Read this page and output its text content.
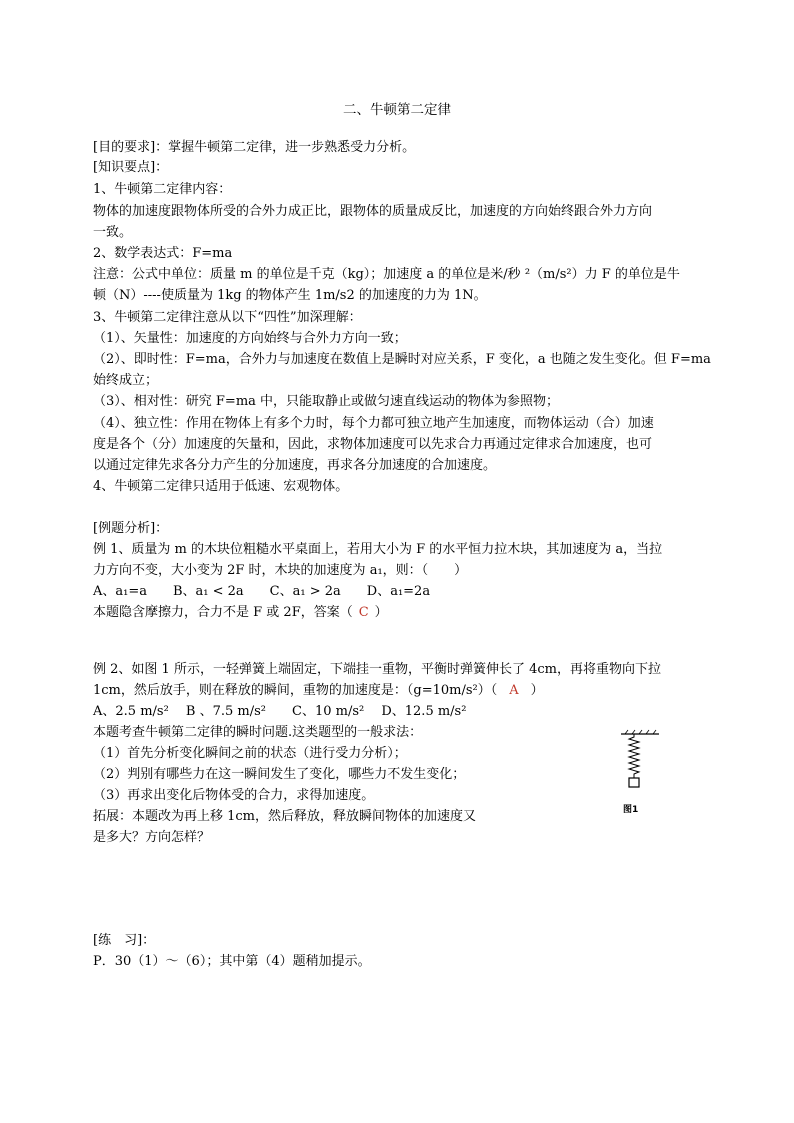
二、牛顿第二定律
[目的要求]：掌握牛顿第二定律，进一步熟悉受力分析。
[知识要点]：
1、牛顿第二定律内容：
物体的加速度跟物体所受的合外力成正比，跟物体的质量成反比，加速度的方向始终跟合外力方向
一致。
2、数学表达式：F=ma
注意：公式中单位：质量 m 的单位是千克（kg）；加速度 a 的单位是米/秒 ²（m/s²）力 F 的单位是牛
顿（N）----使质量为 1kg 的物体产生 1m/s2 的加速度的力为 1N。
3、牛顿第二定律注意从以下“四性”加深理解：
（1）、矢量性：加速度的方向始终与合外力方向一致；
（2）、即时性：F=ma，合外力与加速度在数值上是瞬时对应关系，F 变化，a 也随之发生变化。但 F=ma
始终成立；
（3）、相对性：研究 F=ma 中，只能取静止或做匀速直线运动的物体为参照物；
（4）、独立性：作用在物体上有多个力时，每个力都可独立地产生加速度，而物体运动（合）加速
度是各个（分）加速度的矢量和，因此，求物体加速度可以先求合力再通过定律求合加速度，也可
以通过定律先求各分力产生的分加速度，再求各分加速度的合加速度。
4、牛顿第二定律只适用于低速、宏观物体。
[例题分析]：
例 1、质量为 m 的木块位粗糙水平桌面上，若用大小为 F 的水平恒力拉木块，其加速度为 a，当拉
力方向不变，大小变为 2F 时，木块的加速度为 a₁，则：（　　）
A、a₁=a　　B、a₁ < 2a　　C、a₁ > 2a　　D、a₁=2a
本题隐含摩擦力，合力不是 F 或 2F，答案（ C ）
例 2、如图 1 所示，一轻弹簧上端固定，下端挂一重物，平衡时弹簧伸长了 4cm，再将重物向下拉
1cm，然后放手，则在释放的瞬间，重物的加速度是：（g=10m/s²）（ A ）
A、2.5 m/s²　 B 、7.5 m/s²　　C、10 m/s²　 D、12.5 m/s²
本题考查牛顿第二定律的瞬时问题.这类题型的一般求法：
（1）首先分析变化瞬间之前的状态（进行受力分析）；
（2）判别有哪些力在这一瞬间发生了变化，哪些力不发生变化；
（3）再求出变化后物体受的合力，求得加速度。
拓展：本题改为再上移 1cm，然后释放，释放瞬间物体的加速度又
是多大？方向怎样？
图1
[练　习]：
P．30（1）～（6）；其中第（4）题稍加提示。
